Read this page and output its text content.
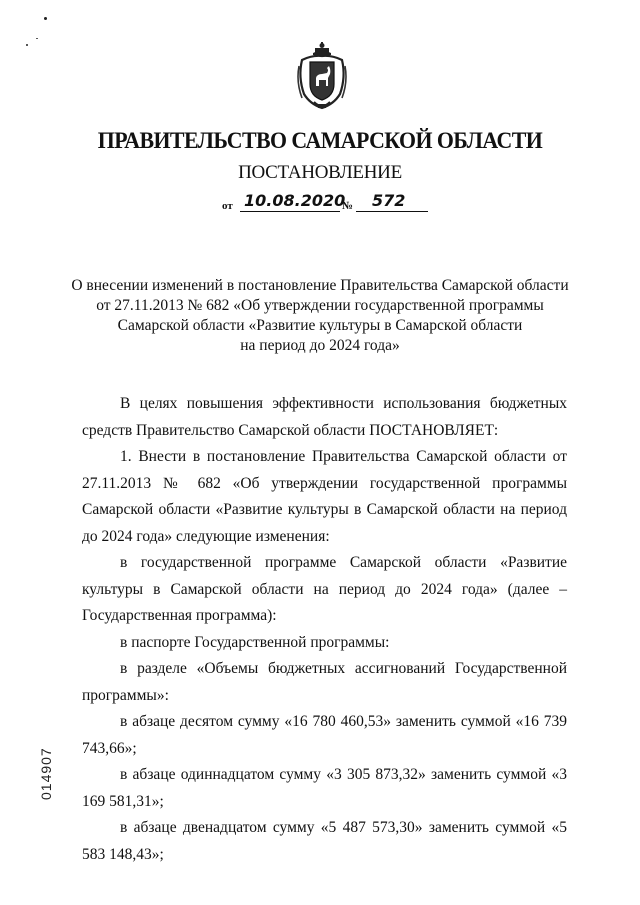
ПРАВИТЕЛЬСТВО САМАРСКОЙ ОБЛАСТИ
ПОСТАНОВЛЕНИЕ
от 10.08.2020
№ 572
О внесении изменений в постановление Правительства Самарской области
от 27.11.2013 № 682 «Об утверждении государственной программы
Самарской области «Развитие культуры в Самарской области
на период до 2024 года»

В целях повышения эффективности использования бюджетных средств Правительство Самарской области ПОСТАНОВЛЯЕТ:

1. Внести в постановление Правительства Самарской области от 27.11.2013 № 682 «Об утверждении государственной программы Самарской области «Развитие культуры в Самарской области на период до 2024 года» следующие изменения:

в государственной программе Самарской области «Развитие культуры в Самарской области на период до 2024 года» (далее – Государственная программа):

в паспорте Государственной программы:

в разделе «Объемы бюджетных ассигнований Государственной программы»:

в абзаце десятом сумму «16 780 460,53» заменить суммой «16 739 743,66»;

в абзаце одиннадцатом сумму «3 305 873,32» заменить суммой «3 169 581,31»;

в абзаце двенадцатом сумму «5 487 573,30» заменить суммой «5 583 148,43»;

014907
